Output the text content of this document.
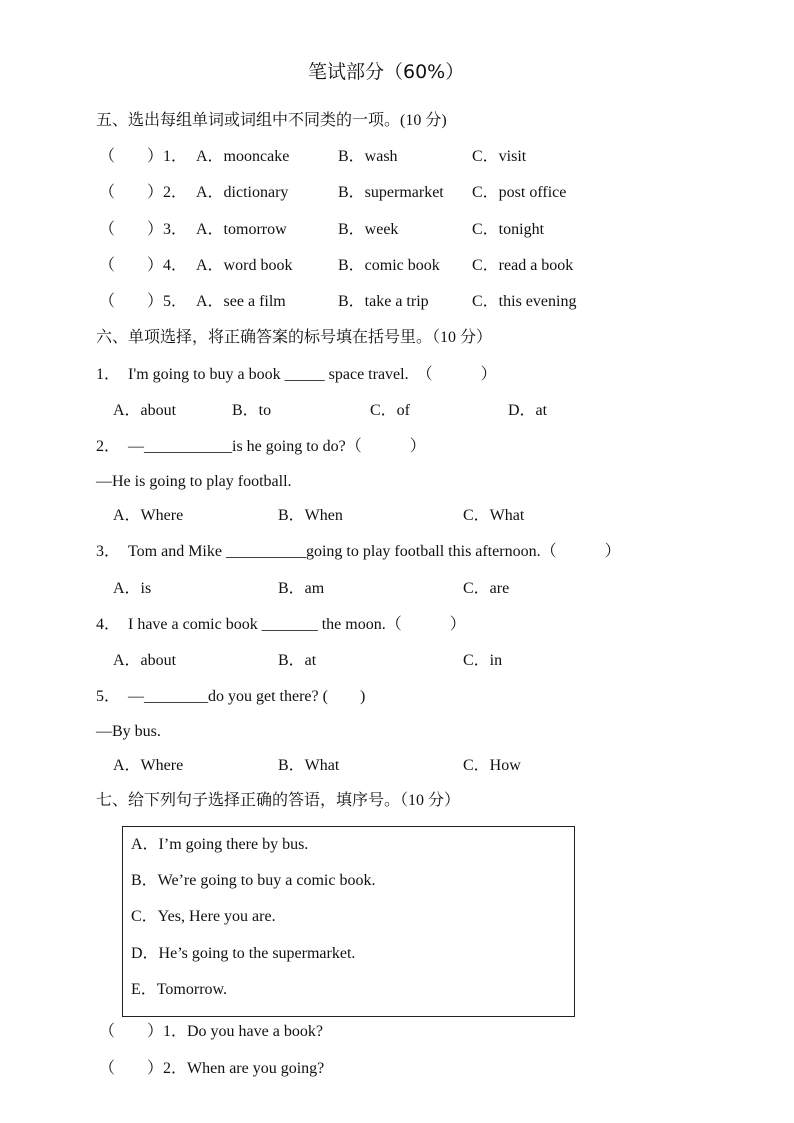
笔试部分（60%）
五、选出每组单词或词组中不同类的一项。(10 分)
（　　）1． A．mooncake	B．wash	C．visit
（　　）2． A．dictionary	B．supermarket C．post office
（　　）3． A．tomorrow	B．week	C．tonight
（　　）4． A．word book	B．comic book C．read a book
（　　）5． A．see a film	B．take a trip	C．this evening
六、单项选择，将正确答案的标号填在括号里。（10 分）
1．　I'm going to buy a book _____ space travel.　（　　　）
A．about	B．to	C．of	D．at
2．　—___________is he going to do?（　　　）
—He is going to play football.
A．Where	B．When	C．What
3．　Tom and Mike __________going to play football this afternoon.（　　　）
A．is	B．am	C．are
4．　I have a comic book _______ the moon.（　　　）
A．about	B．at	C．in
5．　—________do you get there? (　　)
—By bus.
A．Where	B．What	C．How
七、给下列句子选择正确的答语，填序号。（10 分）
A．I’m going there by bus.
B．We’re going to buy a comic book.
C．Yes, Here you are.
D．He’s going to the supermarket.
E．Tomorrow.
（　　）1．Do you have a book?
（　　）2．When are you going?
